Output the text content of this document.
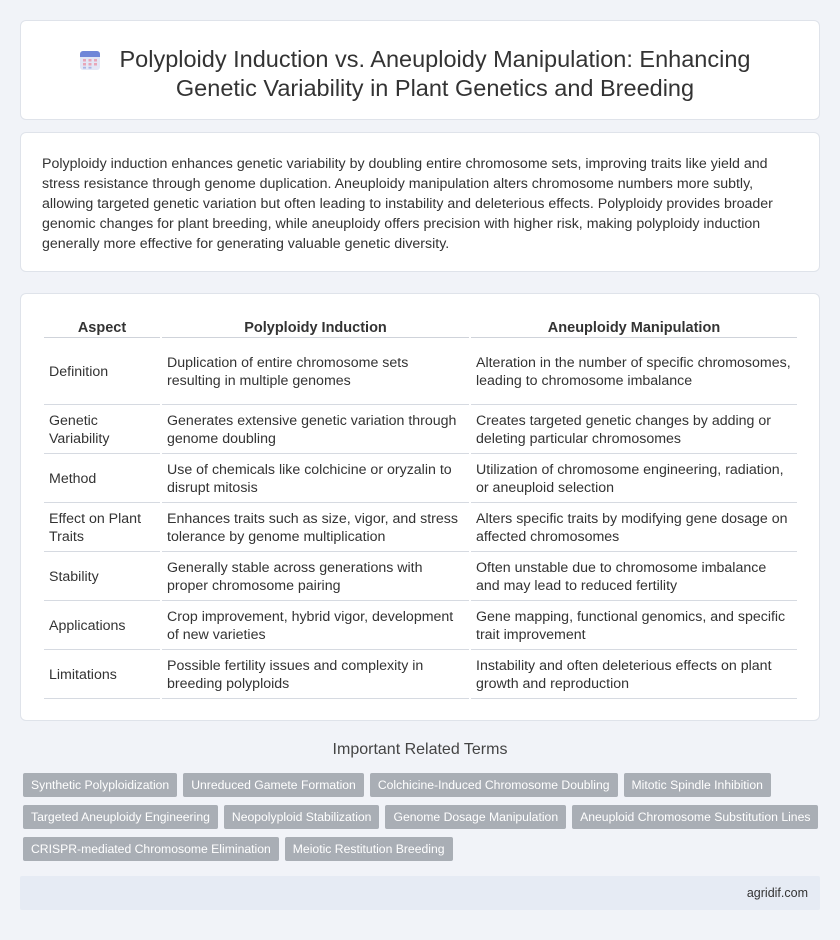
Polyploidy Induction vs. Aneuploidy Manipulation: Enhancing Genetic Variability in Plant Genetics and Breeding

Polyploidy induction enhances genetic variability by doubling entire chromosome sets, improving traits like yield and stress resistance through genome duplication. Aneuploidy manipulation alters chromosome numbers more subtly, allowing targeted genetic variation but often leading to instability and deleterious effects. Polyploidy provides broader genomic changes for plant breeding, while aneuploidy offers precision with higher risk, making polyploidy induction generally more effective for generating valuable genetic diversity.

Aspect	Polyploidy Induction	Aneuploidy Manipulation
Definition	Duplication of entire chromosome sets resulting in multiple genomes	Alteration in the number of specific chromosomes, leading to chromosome imbalance
Genetic Variability	Generates extensive genetic variation through genome doubling	Creates targeted genetic changes by adding or deleting particular chromosomes
Method	Use of chemicals like colchicine or oryzalin to disrupt mitosis	Utilization of chromosome engineering, radiation, or aneuploid selection
Effect on Plant Traits	Enhances traits such as size, vigor, and stress tolerance by genome multiplication	Alters specific traits by modifying gene dosage on affected chromosomes
Stability	Generally stable across generations with proper chromosome pairing	Often unstable due to chromosome imbalance and may lead to reduced fertility
Applications	Crop improvement, hybrid vigor, development of new varieties	Gene mapping, functional genomics, and specific trait improvement
Limitations	Possible fertility issues and complexity in breeding polyploids	Instability and often deleterious effects on plant growth and reproduction
Important Related Terms
Synthetic Polyploidization	Unreduced Gamete Formation	Colchicine-Induced Chromosome Doubling	Mitotic Spindle Inhibition
Targeted Aneuploidy Engineering	Neopolyploid Stabilization	Genome Dosage Manipulation	Aneuploid Chromosome Substitution Lines
CRISPR-mediated Chromosome Elimination	Meiotic Restitution Breeding
agridif.com
